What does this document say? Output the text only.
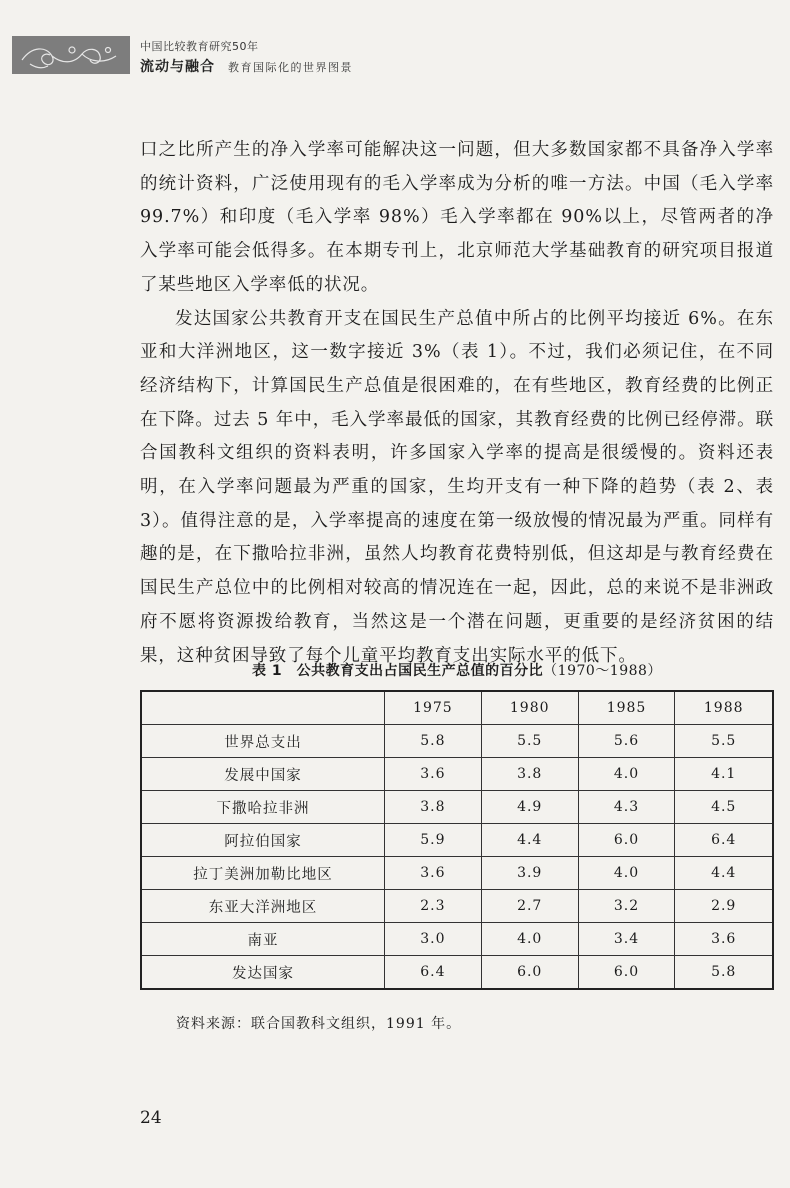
中国比较教育研究50年
流动与融合 教育国际化的世界图景

口之比所产生的净入学率可能解决这一问题，但大多数国家都不具备净入学率的统计资料，广泛使用现有的毛入学率成为分析的唯一方法。中国（毛入学率 99.7%）和印度（毛入学率 98%）毛入学率都在 90%以上，尽管两者的净入学率可能会低得多。在本期专刊上，北京师范大学基础教育的研究项目报道了某些地区入学率低的状况。

发达国家公共教育开支在国民生产总值中所占的比例平均接近 6%。在东亚和大洋洲地区，这一数字接近 3%（表 1）。不过，我们必须记住，在不同经济结构下，计算国民生产总值是很困难的，在有些地区，教育经费的比例正在下降。过去 5 年中，毛入学率最低的国家，其教育经费的比例已经停滞。联合国教科文组织的资料表明，许多国家入学率的提高是很缓慢的。资料还表明，在入学率问题最为严重的国家，生均开支有一种下降的趋势（表 2、表 3）。值得注意的是，入学率提高的速度在第一级放慢的情况最为严重。同样有趣的是，在下撒哈拉非洲，虽然人均教育花费特别低，但这却是与教育经费在国民生产总位中的比例相对较高的情况连在一起，因此，总的来说不是非洲政府不愿将资源拨给教育，当然这是一个潜在问题，更重要的是经济贫困的结果，这种贫困导致了每个儿童平均教育支出实际水平的低下。

表 1　公共教育支出占国民生产总值的百分比（1970～1988）
	1975	1980	1985	1988
世界总支出	5.8	5.5	5.6	5.5
发展中国家	3.6	3.8	4.0	4.1
下撒哈拉非洲	3.8	4.9	4.3	4.5
阿拉伯国家	5.9	4.4	6.0	6.4
拉丁美洲加勒比地区	3.6	3.9	4.0	4.4
东亚大洋洲地区	2.3	2.7	3.2	2.9
南亚	3.0	4.0	3.4	3.6
发达国家	6.4	6.0	6.0	5.8
资料来源：联合国教科文组织，1991 年。
24
